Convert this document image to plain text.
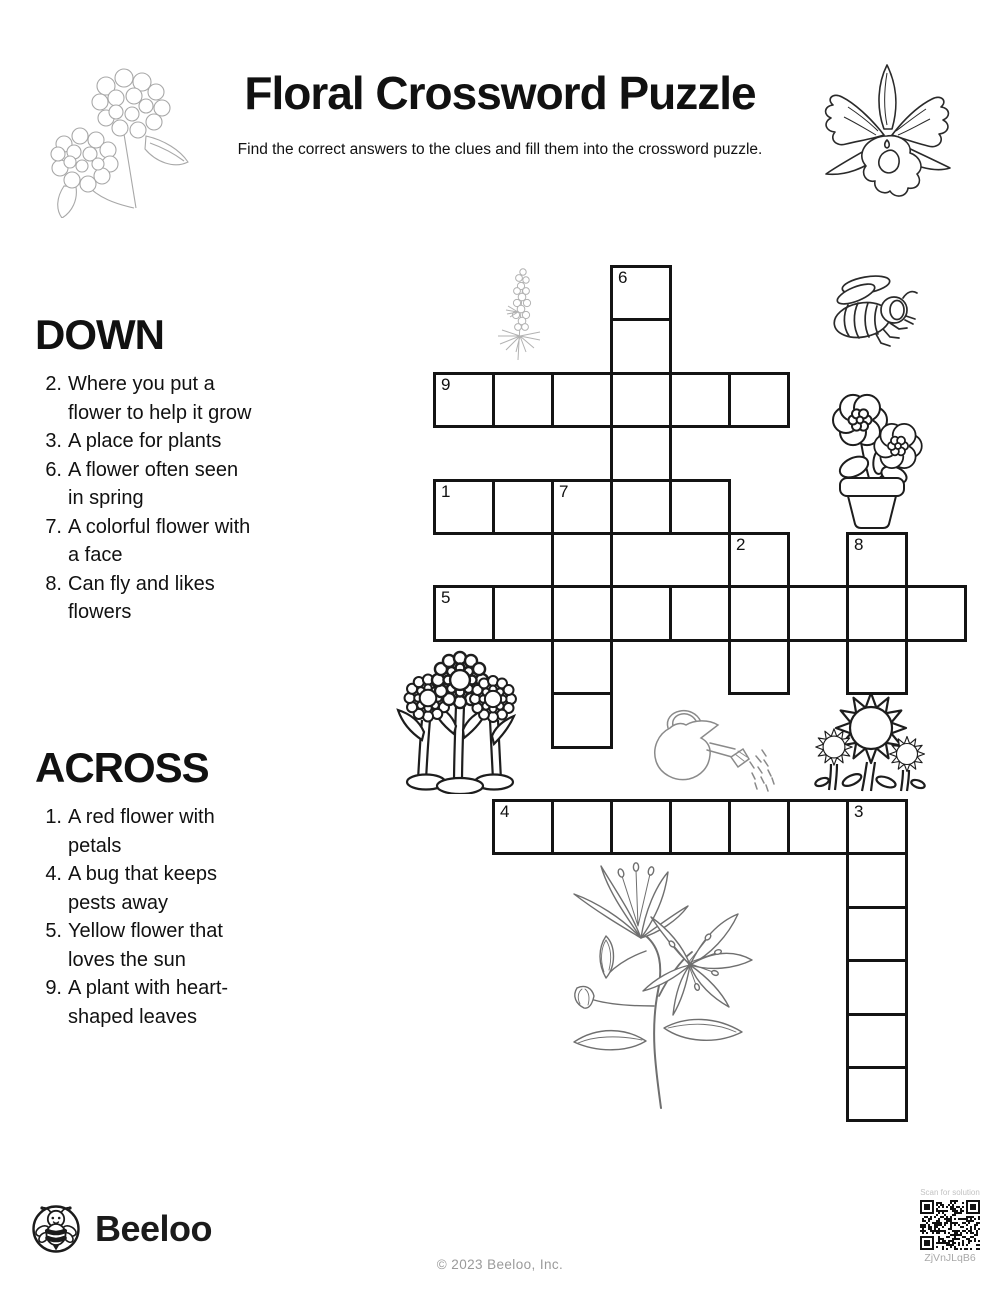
Floral Crossword Puzzle
Find the correct answers to the clues and fill them into the crossword puzzle.
DOWN
2. Where you put a flower to help it grow
3. A place for plants
6. A flower often seen in spring
7. A colorful flower with a face
8. Can fly and likes flowers
ACROSS
1. A red flower with petals
4. A bug that keeps pests away
5. Yellow flower that loves the sun
9. A plant with heart-shaped leaves
6
9
1	7
2	8
5
4	3
Beeloo
© 2023 Beeloo, Inc.
Scan for solution
ZjVnJLqB6
